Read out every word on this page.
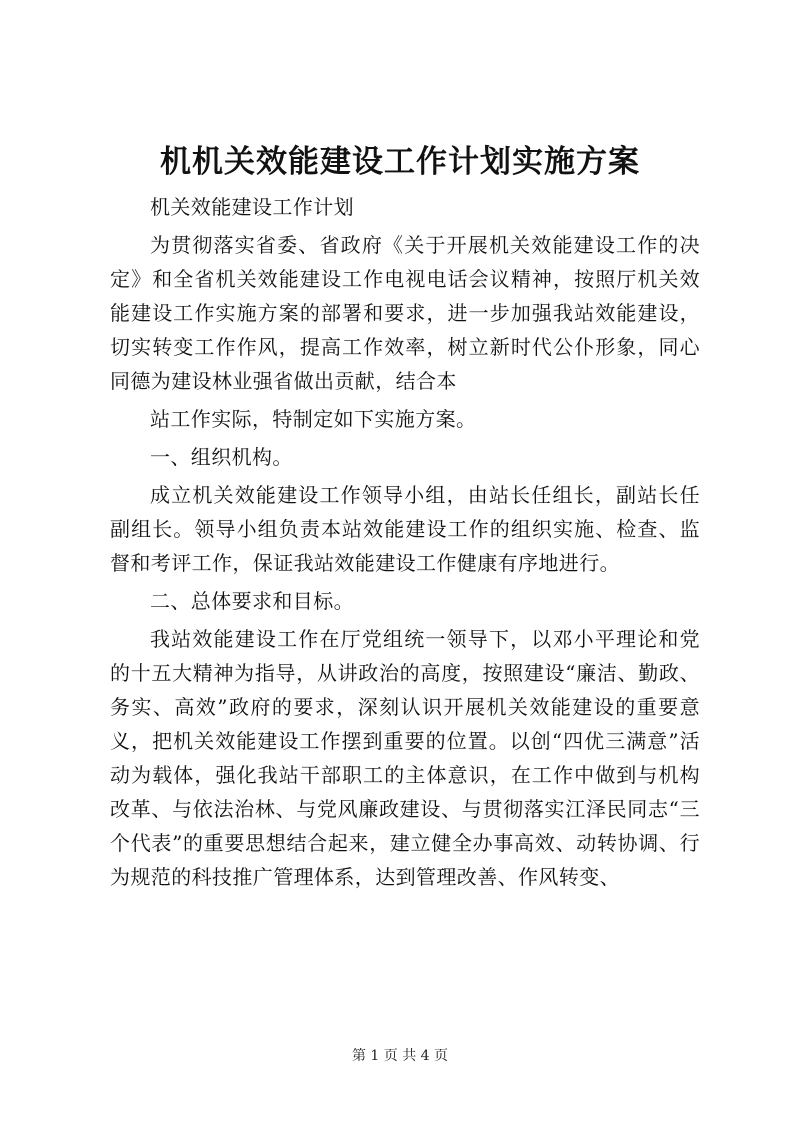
机机关效能建设工作计划实施方案

机关效能建设工作计划

为贯彻落实省委、省政府《关于开展机关效能建设工作的决定》和全省机关效能建设工作电视电话会议精神，按照厅机关效能建设工作实施方案的部署和要求，进一步加强我站效能建设，切实转变工作作风，提高工作效率，树立新时代公仆形象，同心同德为建设林业强省做出贡献，结合本

站工作实际，特制定如下实施方案。

一、组织机构。

成立机关效能建设工作领导小组，由站长任组长，副站长任副组长。领导小组负责本站效能建设工作的组织实施、检查、监督和考评工作，保证我站效能建设工作健康有序地进行。

二、总体要求和目标。

我站效能建设工作在厅党组统一领导下，以邓小平理论和党的十五大精神为指导，从讲政治的高度，按照建设“廉洁、勤政、务实、高效”政府的要求，深刻认识开展机关效能建设的重要意义，把机关效能建设工作摆到重要的位置。以创“四优三满意”活动为载体，强化我站干部职工的主体意识，在工作中做到与机构改革、与依法治林、与党风廉政建设、与贯彻落实江泽民同志“三个代表”的重要思想结合起来，建立健全办事高效、动转协调、行为规范的科技推广管理体系，达到管理改善、作风转变、

第 1 页 共 4 页
